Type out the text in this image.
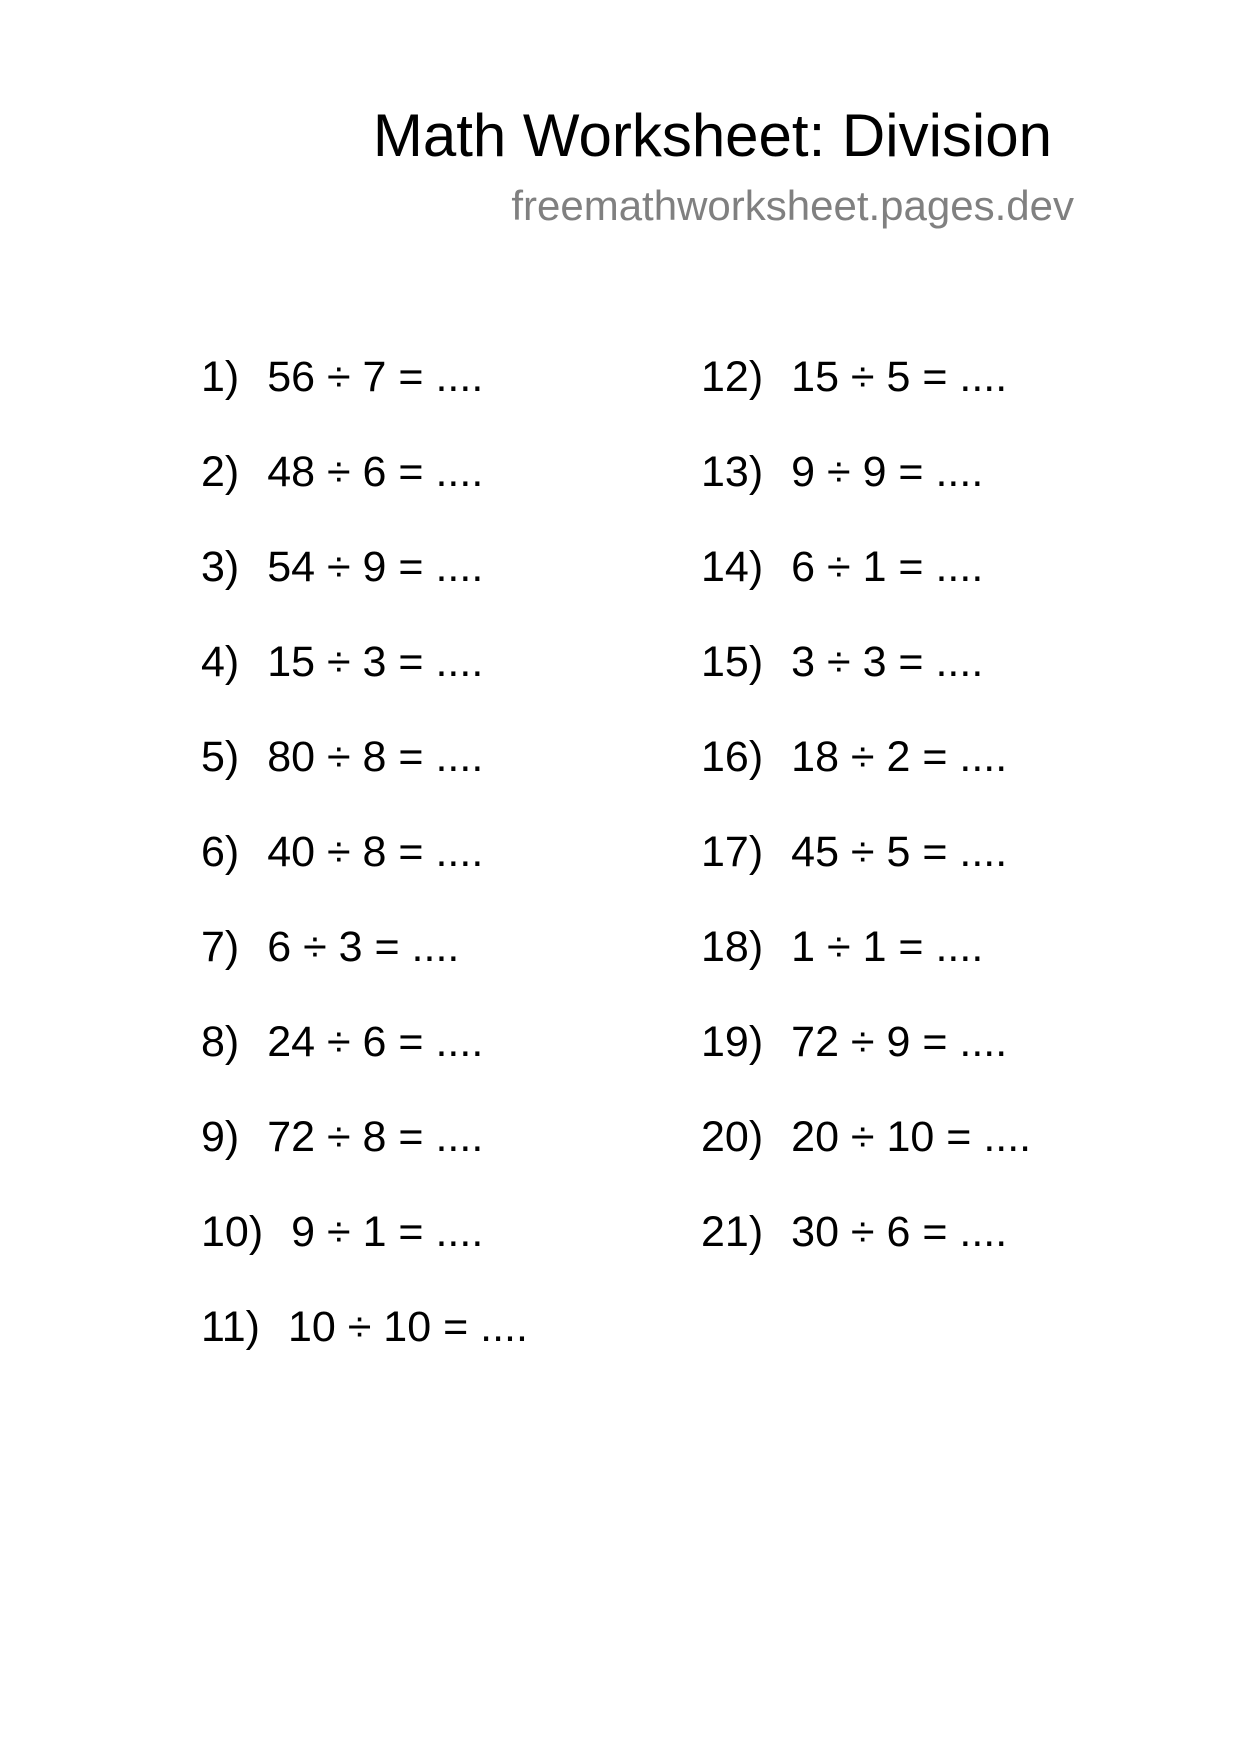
Math Worksheet: Division
freemathworksheet.pages.dev
1) 56 ÷ 7 = ....
2) 48 ÷ 6 = ....
3) 54 ÷ 9 = ....
4) 15 ÷ 3 = ....
5) 80 ÷ 8 = ....
6) 40 ÷ 8 = ....
7) 6 ÷ 3 = ....
8) 24 ÷ 6 = ....
9) 72 ÷ 8 = ....
10) 9 ÷ 1 = ....
11) 10 ÷ 10 = ....
12) 15 ÷ 5 = ....
13) 9 ÷ 9 = ....
14) 6 ÷ 1 = ....
15) 3 ÷ 3 = ....
16) 18 ÷ 2 = ....
17) 45 ÷ 5 = ....
18) 1 ÷ 1 = ....
19) 72 ÷ 9 = ....
20) 20 ÷ 10 = ....
21) 30 ÷ 6 = ....
